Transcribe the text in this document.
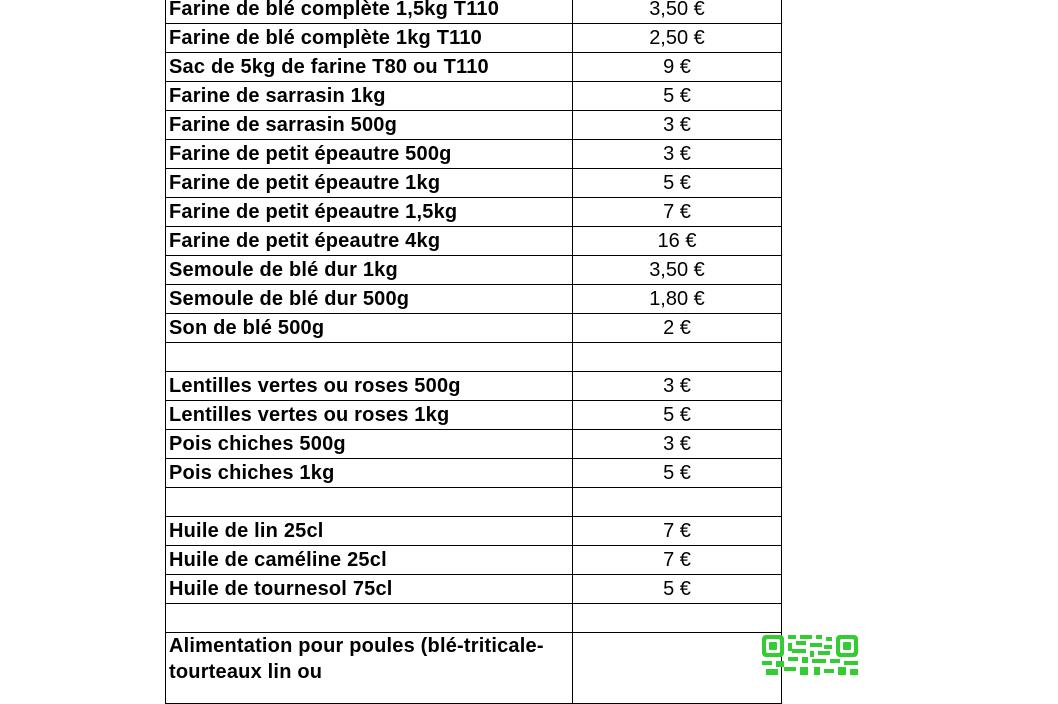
Farine de blé complète 1,5kg T110	3,50 €
Farine de blé complète 1kg T110	2,50 €
Sac de 5kg de farine T80 ou T110	9 €
Farine de sarrasin 1kg	5 €
Farine de sarrasin 500g	3 €
Farine de petit épeautre 500g	3 €
Farine de petit épeautre 1kg	5 €
Farine de petit épeautre 1,5kg	7 €
Farine de petit épeautre 4kg	16 €
Semoule de blé dur 1kg	3,50 €
Semoule de blé dur 500g	1,80 €
Son de blé 500g	2 €

Lentilles vertes ou roses 500g	3 €
Lentilles vertes ou roses 1kg	5 €
Pois chiches 500g	3 €
Pois chiches 1kg	5 €

Huile de lin 25cl	7 €
Huile de caméline 25cl	7 €
Huile de tournesol 75cl	5 €

Alimentation pour poules (blé-triticale-tourteaux lin ou	
